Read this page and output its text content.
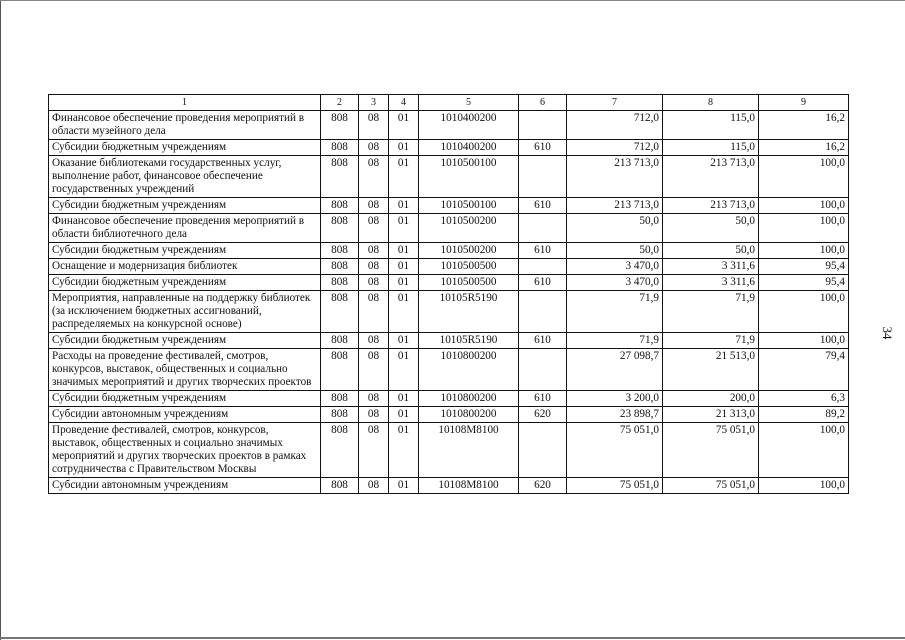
34
1	2	3	4	5	6	7	8	9
Финансовое обеспечение проведения мероприятий в области музейного дела	808	08	01	1010400200		712,0	115,0	16,2
Субсидии бюджетным учреждениям	808	08	01	1010400200	610	712,0	115,0	16,2
Оказание библиотеками государственных услуг, выполнение работ, финансовое обеспечение государственных учреждений	808	08	01	1010500100		213 713,0	213 713,0	100,0
Субсидии бюджетным учреждениям	808	08	01	1010500100	610	213 713,0	213 713,0	100,0
Финансовое обеспечение проведения мероприятий в области библиотечного дела	808	08	01	1010500200		50,0	50,0	100,0
Субсидии бюджетным учреждениям	808	08	01	1010500200	610	50,0	50,0	100,0
Оснащение и модернизация библиотек	808	08	01	1010500500		3 470,0	3 311,6	95,4
Субсидии бюджетным учреждениям	808	08	01	1010500500	610	3 470,0	3 311,6	95,4
Мероприятия, направленные на поддержку библиотек (за исключением бюджетных ассигнований, распределяемых на конкурсной основе)	808	08	01	10105R5190		71,9	71,9	100,0
Субсидии бюджетным учреждениям	808	08	01	10105R5190	610	71,9	71,9	100,0
Расходы на проведение фестивалей, смотров, конкурсов, выставок, общественных и социально значимых мероприятий и других творческих проектов	808	08	01	1010800200		27 098,7	21 513,0	79,4
Субсидии бюджетным учреждениям	808	08	01	1010800200	610	3 200,0	200,0	6,3
Субсидии автономным учреждениям	808	08	01	1010800200	620	23 898,7	21 313,0	89,2
Проведение фестивалей, смотров, конкурсов, выставок, общественных и социально значимых мероприятий и других творческих проектов в рамках сотрудничества с Правительством Москвы	808	08	01	10108M8100		75 051,0	75 051,0	100,0
Субсидии автономным учреждениям	808	08	01	10108M8100	620	75 051,0	75 051,0	100,0
